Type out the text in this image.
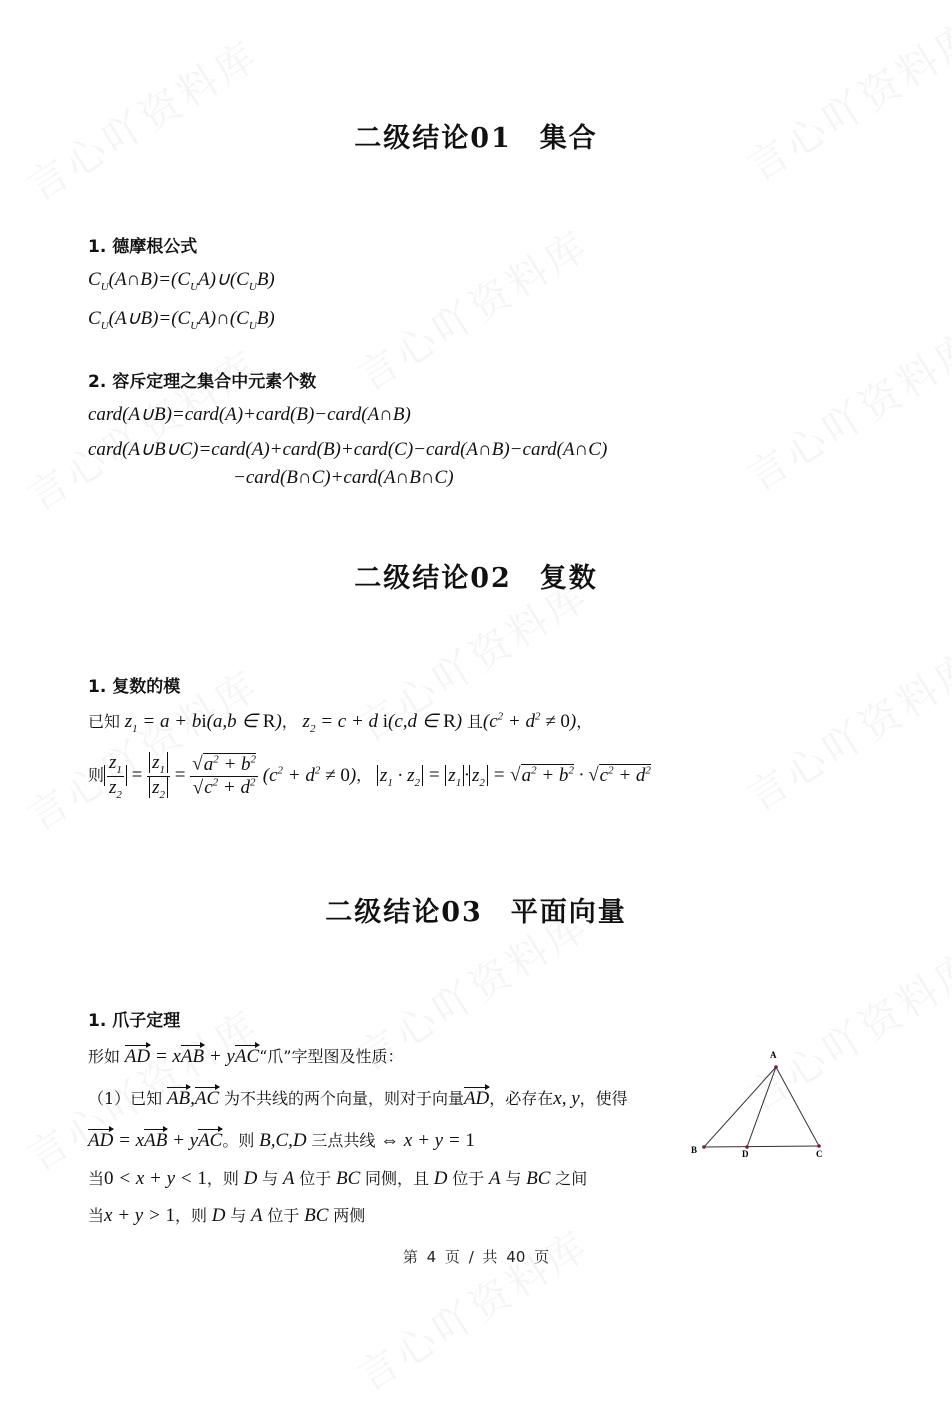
二级结论01 集合
1. 德摩根公式
$C_U(A\cap B)=(C_UA)\cup(C_UB)$
$C_U(A\cup B)=(C_UA)\cap(C_UB)$
2. 容斥定理之集合中元素个数
card(A∪B)=card(A)+card(B)−card(A∩B)
card(A∪B∪C)=card(A)+card(B)+card(C)−card(A∩B)−card(A∩C)
−card(B∩C)+card(A∩B∩C)
二级结论02 复数
1. 复数的模
已知 $z_1 = a + bi(a,b$ ∈ R)， $z_2 = c + d$ i(c,d ∈ R) 且$(c^2 + d^2 \ne 0)$，
则 $\frac{z_1}{z_2} = \frac{z_1}{z_2} = \frac{√a^2 + b^2}{√c^2 + d^2} (c^2 + d^2 \ne 0)$， $z_1 \cdot z_2 = z_1 \cdot z_2 = √a^2 + b^2 \cdot √c^2 + d^2$
二级结论03 平面向量
1. 爪子定理
形如 AD = xAB + yAC“爪”字型图及性质：
（1）已知 AB,AC 为不共线的两个向量，则对于向量AD，必存在x, y，使得
AD = xAB + yAC。则 B,C,D 三点共线 ⇔ x + y = 1
当0 < x + y < 1，则 D 与 A 位于 BC 同侧，且 D 位于 A 与 BC 之间
当x + y > 1，则 D 与 A 位于 BC 两侧
A
B	D	C
第 4 页 / 共 40 页
